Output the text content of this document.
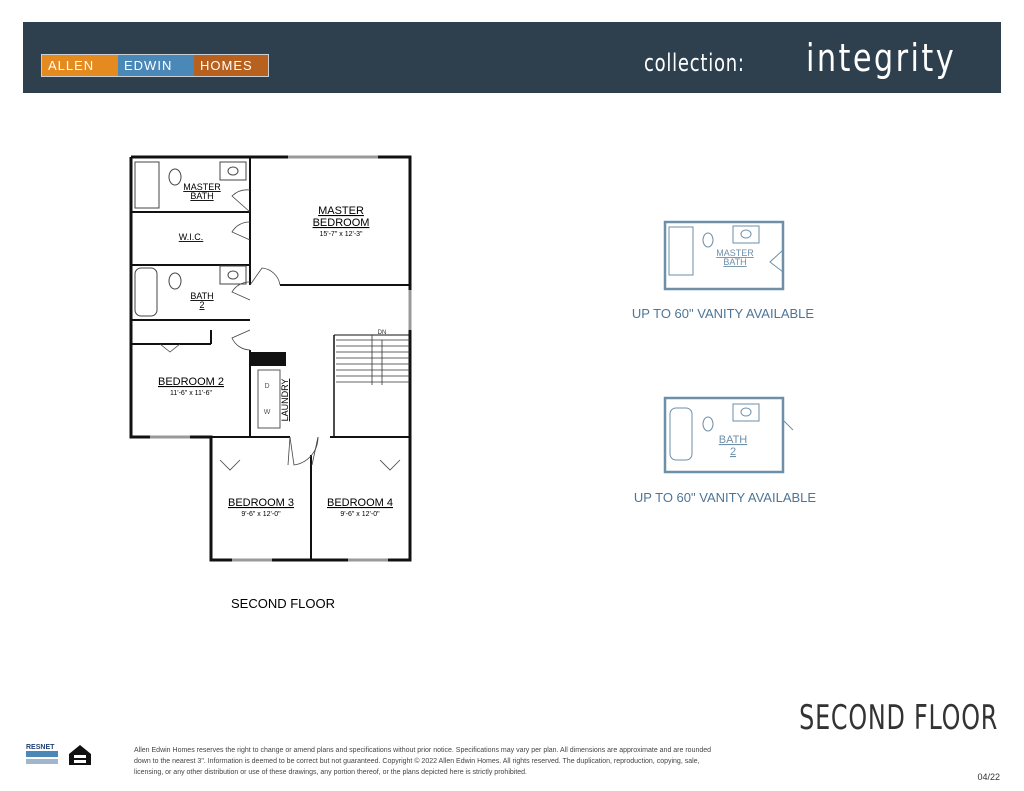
ALLEN	EDWIN	HOMES	collection: integrity
MASTER
BATH
MASTER
BEDROOM
15'-7" x 12'-3"
W.I.C.
BATH
2
BEDROOM 2
11'-6" x 11'-6"
D
W LAUNDRY
DN
BEDROOM 3
9'-6" x 12'-0"
BEDROOM 4
9'-6" x 12'-0"
SECOND FLOOR
MASTER
BATH
UP TO 60" VANITY AVAILABLE
BATH
2
UP TO 60" VANITY AVAILABLE
SECOND FLOOR
RESNET	Allen Edwin Homes reserves the right to change or amend plans and specifications without prior notice. Specifications may vary per plan. All dimensions are approximate and are rounded down to the nearest 3". Information is deemed to be correct but not guaranteed. Copyright © 2022 Allen Edwin Homes. All rights reserved. The duplication, reproduction, copying, sale, licensing, or any other distribution or use of these drawings, any portion thereof, or the plans depicted here is strictly prohibited.	04/22
